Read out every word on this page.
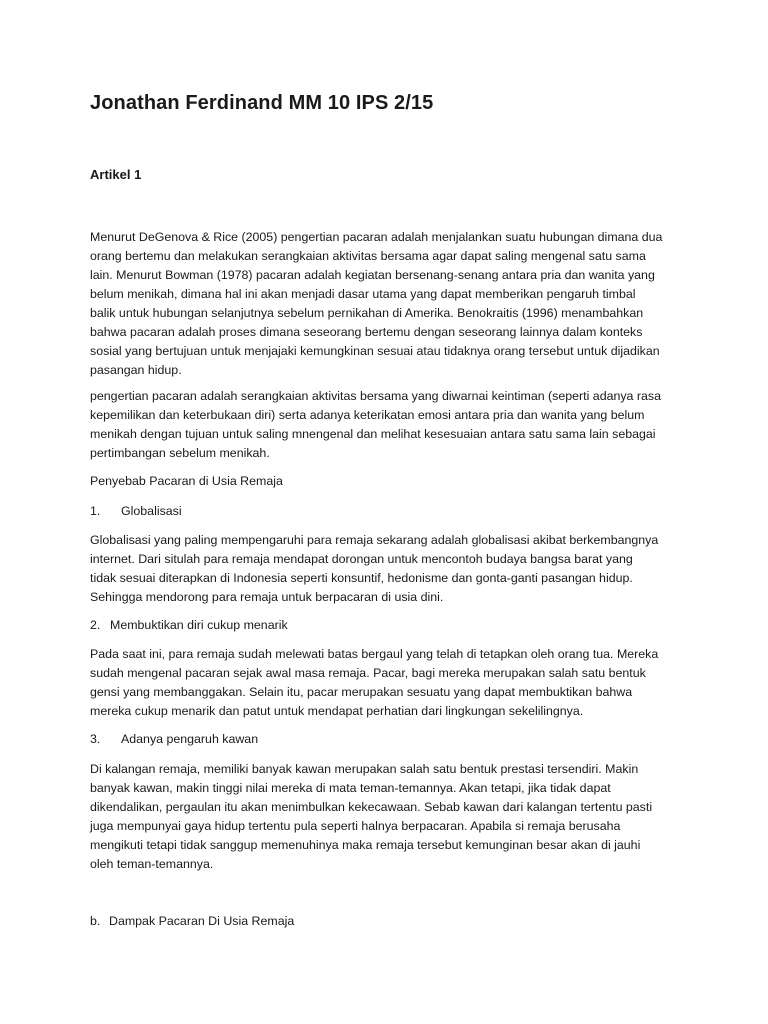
Jonathan Ferdinand MM 10 IPS 2/15
Artikel 1

Menurut DeGenova & Rice (2005) pengertian pacaran adalah menjalankan suatu hubungan dimana dua
orang bertemu dan melakukan serangkaian aktivitas bersama agar dapat saling mengenal satu sama
lain. Menurut Bowman (1978) pacaran adalah kegiatan bersenang-senang antara pria dan wanita yang
belum menikah, dimana hal ini akan menjadi dasar utama yang dapat memberikan pengaruh timbal
balik untuk hubungan selanjutnya sebelum pernikahan di Amerika. Benokraitis (1996) menambahkan
bahwa pacaran adalah proses dimana seseorang bertemu dengan seseorang lainnya dalam konteks
sosial yang bertujuan untuk menjajaki kemungkinan sesuai atau tidaknya orang tersebut untuk dijadikan
pasangan hidup.

pengertian pacaran adalah serangkaian aktivitas bersama yang diwarnai keintiman (seperti adanya rasa
kepemilikan dan keterbukaan diri) serta adanya keterikatan emosi antara pria dan wanita yang belum
menikah dengan tujuan untuk saling mnengenal dan melihat kesesuaian antara satu sama lain sebagai
pertimbangan sebelum menikah.

Penyebab Pacaran di Usia Remaja
1. Globalisasi

Globalisasi yang paling mempengaruhi para remaja sekarang adalah globalisasi akibat berkembangnya
internet. Dari situlah para remaja mendapat dorongan untuk mencontoh budaya bangsa barat yang
tidak sesuai diterapkan di Indonesia seperti konsuntif, hedonisme dan gonta-ganti pasangan hidup.
Sehingga mendorong para remaja untuk berpacaran di usia dini.

2. Membuktikan diri cukup menarik

Pada saat ini, para remaja sudah melewati batas bergaul yang telah di tetapkan oleh orang tua. Mereka
sudah mengenal pacaran sejak awal masa remaja. Pacar, bagi mereka merupakan salah satu bentuk
gensi yang membanggakan. Selain itu, pacar merupakan sesuatu yang dapat membuktikan bahwa
mereka cukup menarik dan patut untuk mendapat perhatian dari lingkungan sekelilingnya.

3. Adanya pengaruh kawan

Di kalangan remaja, memiliki banyak kawan merupakan salah satu bentuk prestasi tersendiri. Makin
banyak kawan, makin tinggi nilai mereka di mata teman-temannya. Akan tetapi, jika tidak dapat
dikendalikan, pergaulan itu akan menimbulkan kekecawaan. Sebab kawan dari kalangan tertentu pasti
juga mempunyai gaya hidup tertentu pula seperti halnya berpacaran. Apabila si remaja berusaha
mengikuti tetapi tidak sanggup memenuhinya maka remaja tersebut kemunginan besar akan di jauhi
oleh teman-temannya.

b. Dampak Pacaran Di Usia Remaja
